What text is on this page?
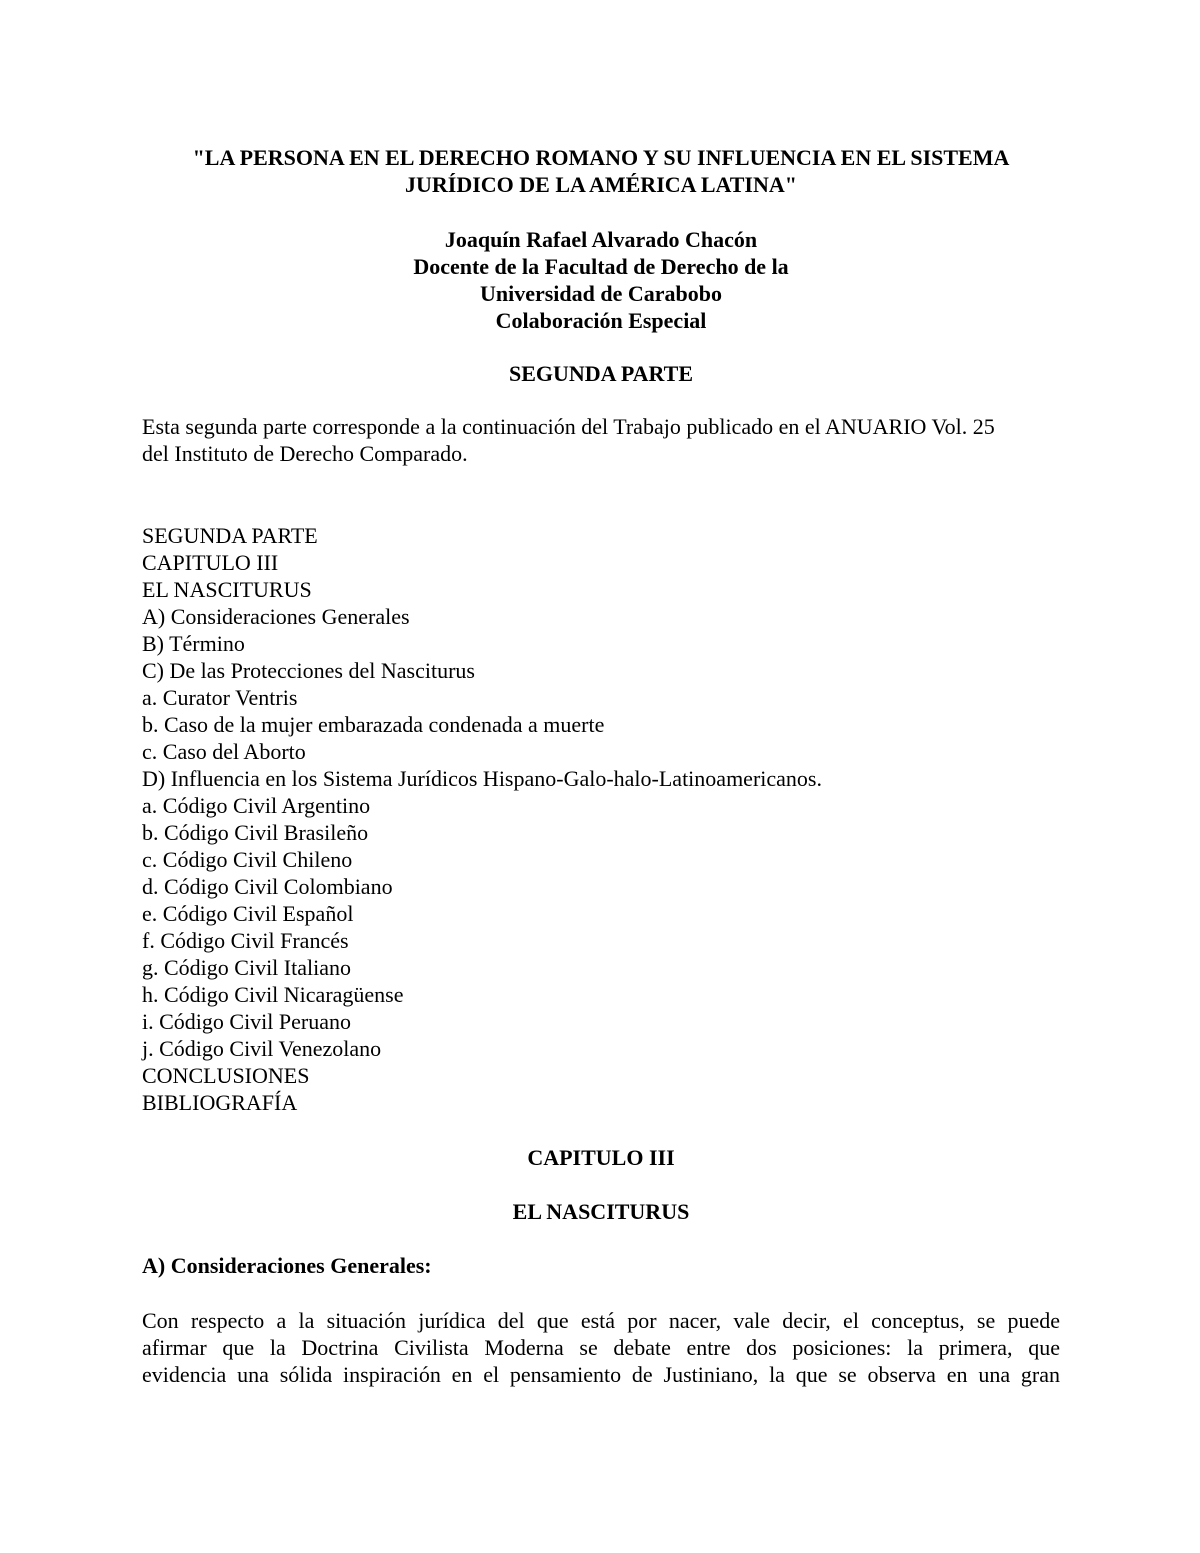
"LA PERSONA EN EL DERECHO ROMANO Y SU INFLUENCIA EN EL SISTEMA
JURÍDICO DE LA AMÉRICA LATINA"
Joaquín Rafael Alvarado Chacón
Docente de la Facultad de Derecho de la
Universidad de Carabobo
Colaboración Especial
SEGUNDA PARTE
Esta segunda parte corresponde a la continuación del Trabajo publicado en el ANUARIO Vol. 25
del Instituto de Derecho Comparado.
SEGUNDA PARTE
CAPITULO III
EL NASCITURUS
A) Consideraciones Generales
B) Término
C) De las Protecciones del Nasciturus
a. Curator Ventris
b. Caso de la mujer embarazada condenada a muerte
c. Caso del Aborto
D) Influencia en los Sistema Jurídicos Hispano-Galo-halo-Latinoamericanos.
a. Código Civil Argentino
b. Código Civil Brasileño
c. Código Civil Chileno
d. Código Civil Colombiano
e. Código Civil Español
f. Código Civil Francés
g. Código Civil Italiano
h. Código Civil Nicaragüense
i. Código Civil Peruano
j. Código Civil Venezolano
CONCLUSIONES
BIBLIOGRAFÍA
CAPITULO III
EL NASCITURUS
A) Consideraciones Generales:
Con respecto a la situación jurídica del que está por nacer, vale decir, el conceptus, se puede
afirmar que la Doctrina Civilista Moderna se debate entre dos posiciones: la primera, que
evidencia una sólida inspiración en el pensamiento de Justiniano, la que se observa en una gran
